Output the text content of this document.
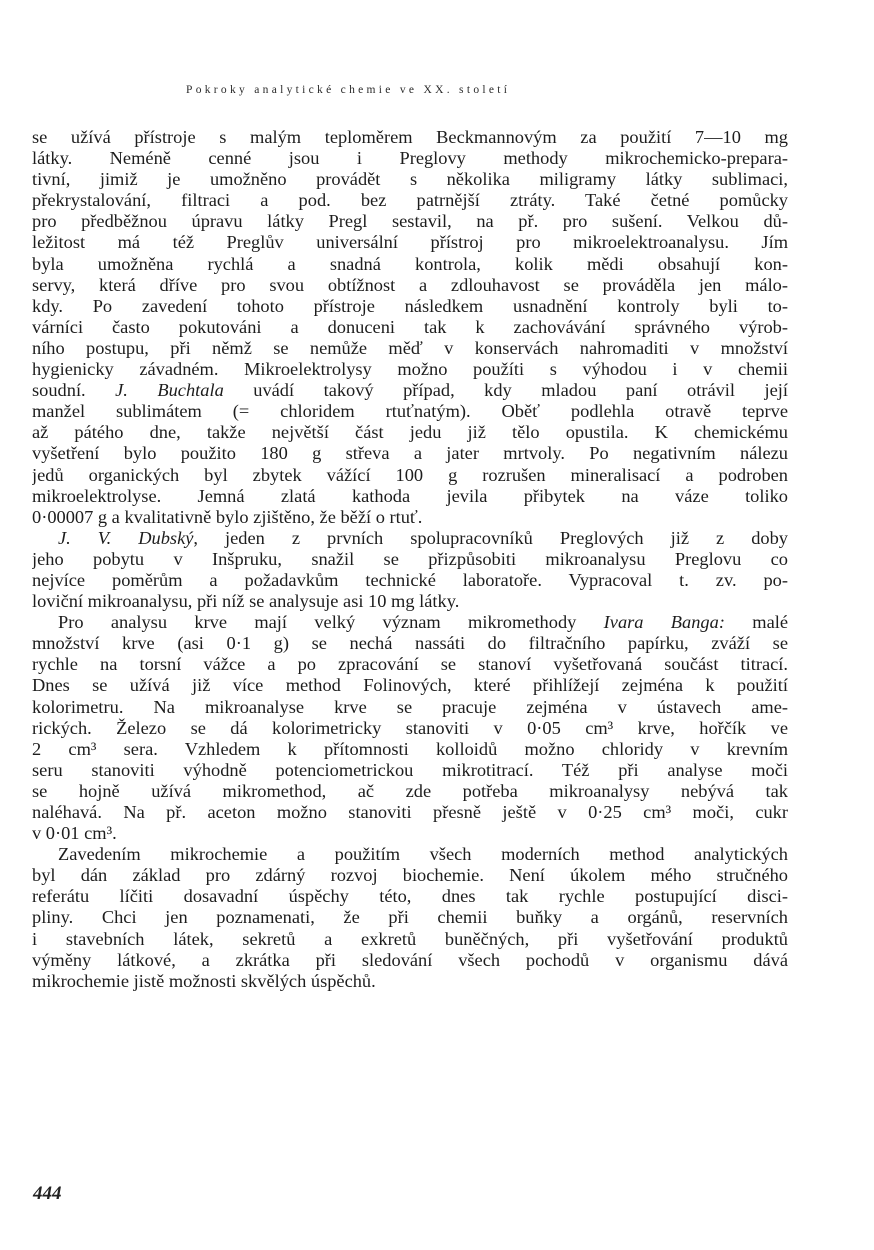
Pokroky analytické chemie ve XX. století
se užívá přístroje s malým teploměrem Beckmannovým za použití 7—10 mg
látky. Neméně cenné jsou i Preglovy methody mikrochemicko-prepara-
tivní, jimiž je umožněno provádět s několika miligramy látky sublimaci,
překrystalování, filtraci a pod. bez patrnější ztráty. Také četné pomůcky
pro předběžnou úpravu látky Pregl sestavil, na př. pro sušení. Velkou dů-
ležitost má též Preglův universální přístroj pro mikroelektroanalysu. Jím
byla umožněna rychlá a snadná kontrola, kolik mědi obsahují kon-
servy, která dříve pro svou obtížnost a zdlouhavost se prováděla jen málo-
kdy. Po zavedení tohoto přístroje následkem usnadnění kontroly byli to-
várníci často pokutováni a donuceni tak k zachovávání správného výrob-
ního postupu, při němž se nemůže měď v konservách nahromaditi v množství
hygienicky závadném. Mikroelektrolysy možno použíti s výhodou i v chemii
soudní. J. Buchtala uvádí takový případ, kdy mladou paní otrávil její
manžel sublimátem (= chloridem rtuťnatým). Oběť podlehla otravě teprve
až pátého dne, takže největší část jedu již tělo opustila. K chemickému
vyšetření bylo použito 180 g střeva a jater mrtvoly. Po negativním nálezu
jedů organických byl zbytek vážící 100 g rozrušen mineralisací a podroben
mikroelektrolyse. Jemná zlatá kathoda jevila přibytek na váze toliko
0·00007 g a kvalitativně bylo zjištěno, že běží o rtuť.
J. V. Dubský, jeden z prvních spolupracovníků Preglových již z doby
jeho pobytu v Inšpruku, snažil se přizpůsobiti mikroanalysu Preglovu co
nejvíce poměrům a požadavkům technické laboratoře. Vypracoval t. zv. po-
loviční mikroanalysu, při níž se analysuje asi 10 mg látky.
Pro analysu krve mají velký význam mikromethody Ivara Banga: malé
množství krve (asi 0·1 g) se nechá nassáti do filtračního papírku, zváží se
rychle na torsní vážce a po zpracování se stanoví vyšetřovaná součást titrací.
Dnes se užívá již více method Folinových, které přihlížejí zejména k použití
kolorimetru. Na mikroanalyse krve se pracuje zejména v ústavech ame-
rických. Železo se dá kolorimetricky stanoviti v 0·05 cm³ krve, hořčík ve
2 cm³ sera. Vzhledem k přítomnosti kolloidů možno chloridy v krevním
seru stanoviti výhodně potenciometrickou mikrotitrací. Též při analyse moči
se hojně užívá mikromethod, ač zde potřeba mikroanalysy nebývá tak
naléhavá. Na př. aceton možno stanoviti přesně ještě v 0·25 cm³ moči, cukr
v 0·01 cm³.
Zavedením mikrochemie a použitím všech moderních method analytických
byl dán základ pro zdárný rozvoj biochemie. Není úkolem mého stručného
referátu líčiti dosavadní úspěchy této, dnes tak rychle postupující disci-
pliny. Chci jen poznamenati, že při chemii buňky a orgánů, reservních
i stavebních látek, sekretů a exkretů buněčných, při vyšetřování produktů
výměny látkové, a zkrátka při sledování všech pochodů v organismu dává
mikrochemie jistě možnosti skvělých úspěchů.
444
